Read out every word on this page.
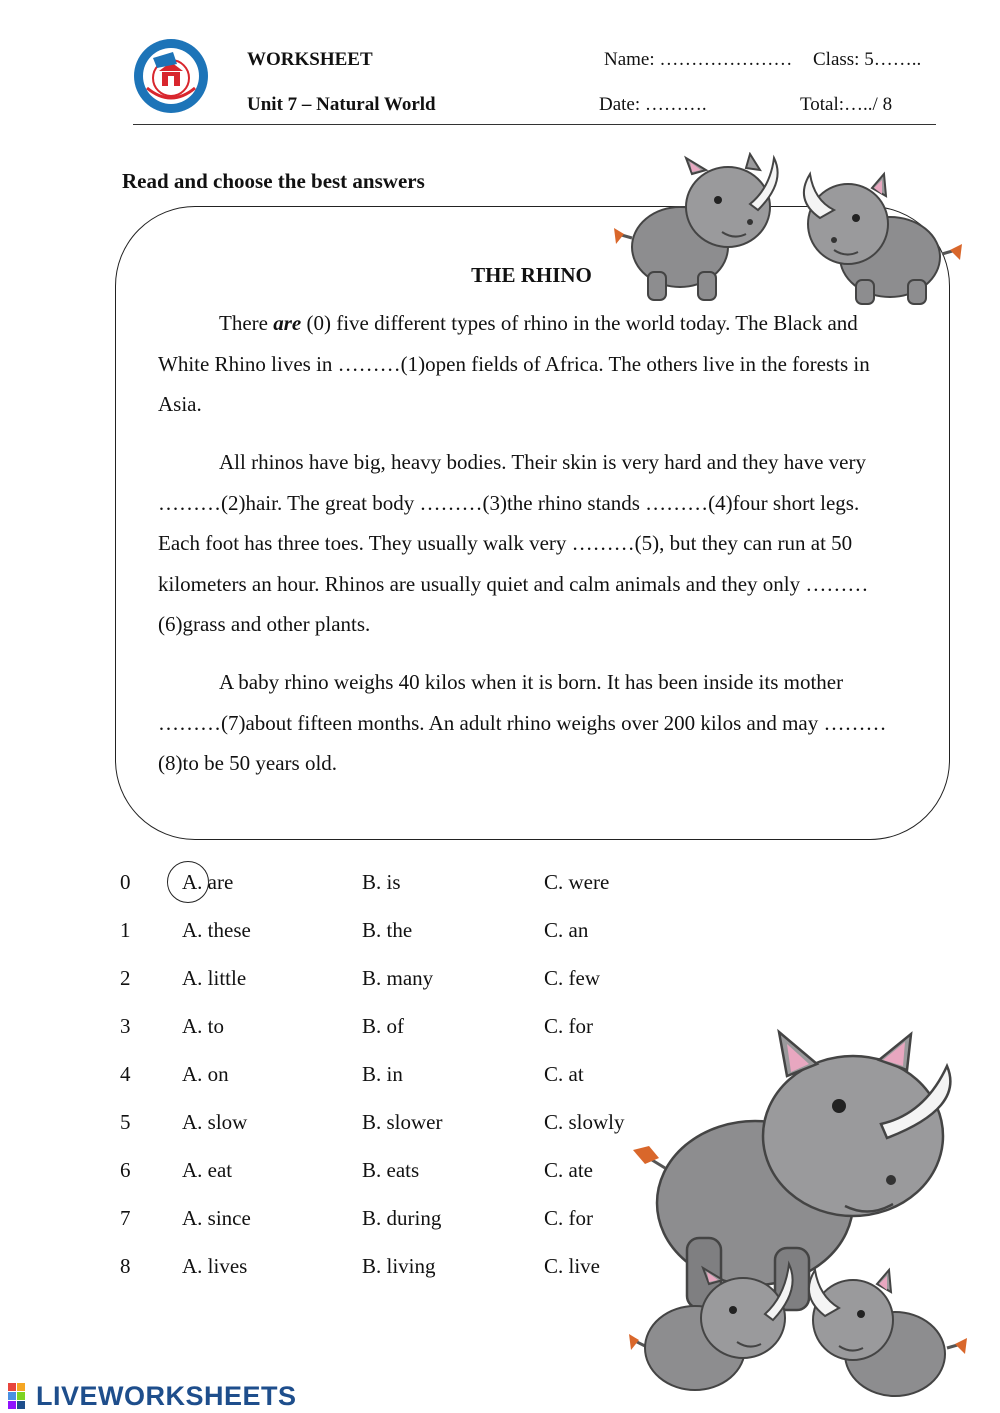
WORKSHEET
Unit 7 – Natural World
Name: ………………… Class: 5……..
Date: ……….	Total:…../ 8
Read and choose the best answers
THE RHINO

There are (0) five different types of rhino in the world today. The Black and White Rhino lives in ………(1)open fields of Africa. The others live in the forests in Asia.

All rhinos have big, heavy bodies. Their skin is very hard and they have very ………(2)hair. The great body ………(3)the rhino stands ………(4)four short legs. Each foot has three toes. They usually walk very ………(5), but they can run at 50 kilometers an hour. Rhinos are usually quiet and calm animals and they only ………(6)grass and other plants.

A baby rhino weighs 40 kilos when it is born. It has been inside its mother ………(7)about fifteen months. An adult rhino weighs over 200 kilos and may ………(8)to be 50 years old.

0 A. are	B. is	C. were
1 A. these	B. the	C. an
2 A. little	B. many	C. few
3 A. to	B. of	C. for
4 A. on	B. in	C. at
5 A. slow	B. slower	C. slowly
6 A. eat	B. eats	C. ate
7 A. since	B. during	C. for
8 A. lives	B. living	C. live
LIVEWORKSHEETS
